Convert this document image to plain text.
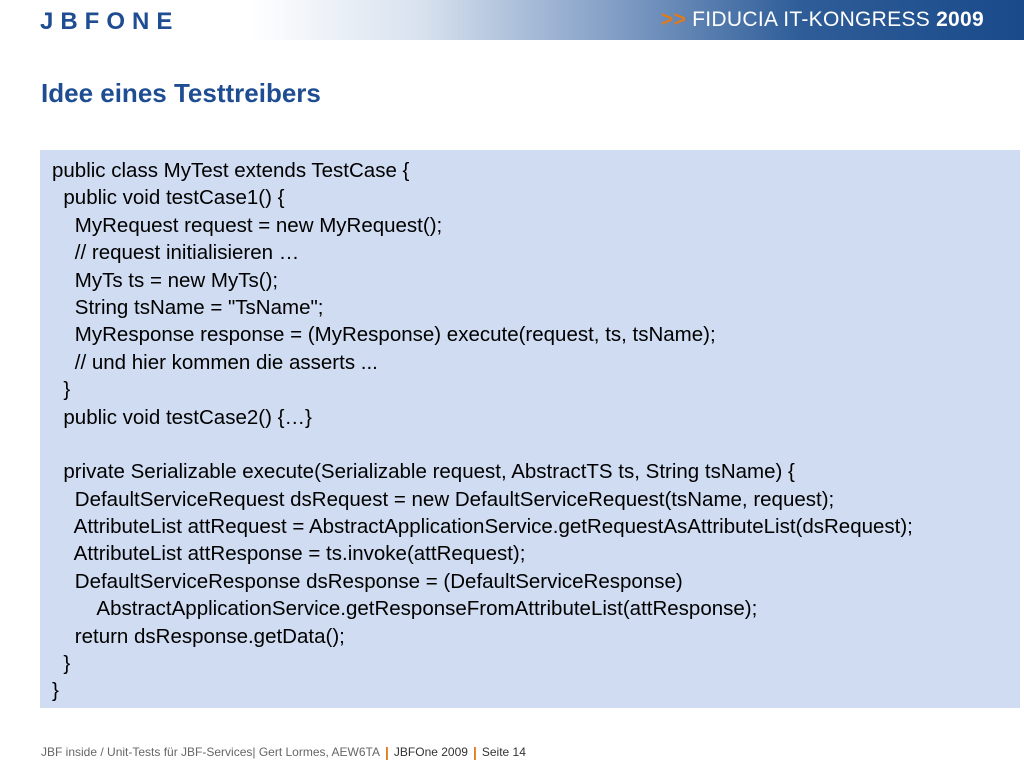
JBFONE	>> FIDUCIA IT-KONGRESS 2009
Idee eines Testtreibers
public class MyTest extends TestCase {
public void testCase1() {
MyRequest request = new MyRequest();
// request initialisieren …
MyTs ts = new MyTs();
String tsName = "TsName";
MyResponse response = (MyResponse) execute(request, ts, tsName);
// und hier kommen die asserts ...
}
public void testCase2() {…}
private Serializable execute(Serializable request, AbstractTS ts, String tsName) {
DefaultServiceRequest dsRequest = new DefaultServiceRequest(tsName, request);
AttributeList attRequest = AbstractApplicationService.getRequestAsAttributeList(dsRequest);
AttributeList attResponse = ts.invoke(attRequest);
DefaultServiceResponse dsResponse = (DefaultServiceResponse)
AbstractApplicationService.getResponseFromAttributeList(attResponse);
return dsResponse.getData();
}
}
JBF inside / Unit-Tests für JBF-Services| Gert Lormes, AEW6TA | JBFOne 2009 | Seite 14
